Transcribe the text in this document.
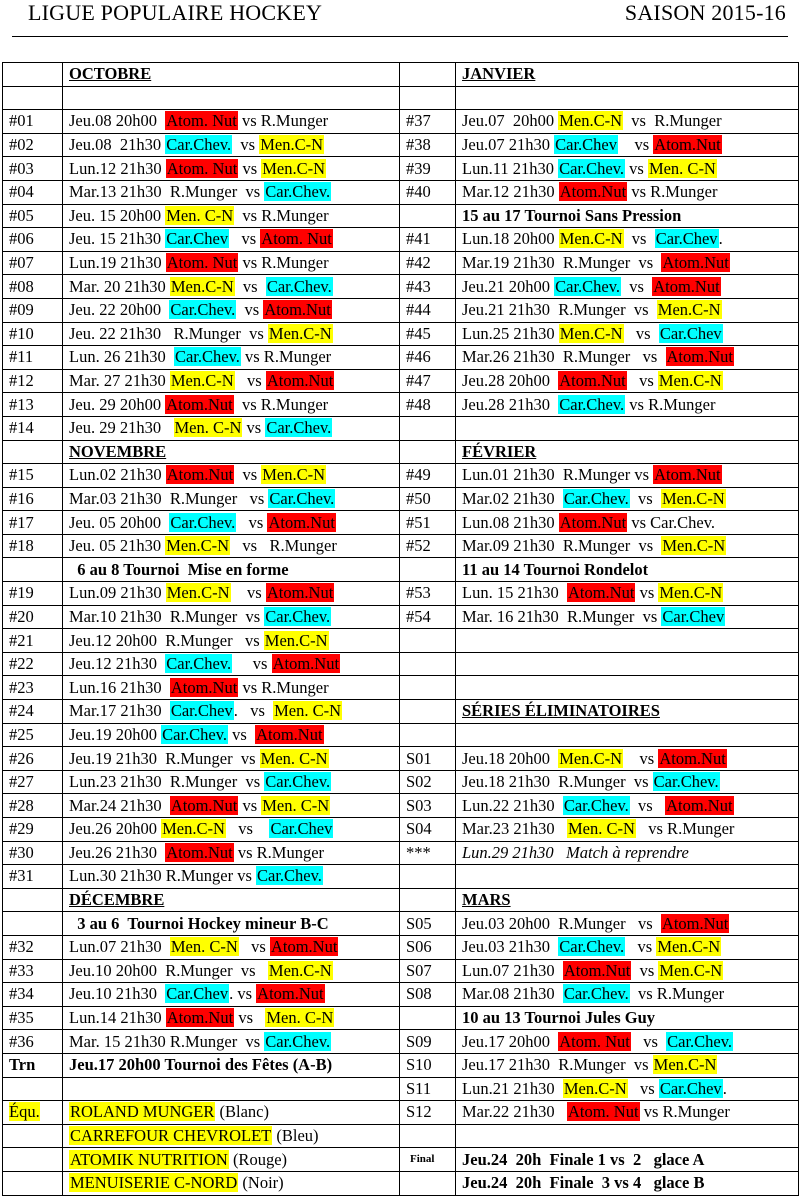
LIGUE POPULAIRE HOCKEY	SAISON 2015-16
	OCTOBRE		JANVIER

#01	Jeu.08 20h00  Atom. Nut vs R.Munger	#37	Jeu.07  20h00 Men.C-N  vs  R.Munger
#02	Jeu.08  21h30 Car.Chev.  vs Men.C-N	#38	Jeu.07 21h30 Car.Chev    vs Atom.Nut
#03	Lun.12 21h30 Atom. Nut vs Men.C-N	#39	Lun.11 21h30 Car.Chev. vs Men. C-N
#04	Mar.13 21h30  R.Munger  vs Car.Chev.	#40	Mar.12 21h30 Atom.Nut vs R.Munger
#05	Jeu. 15 20h00 Men. C-N  vs R.Munger		15 au 17 Tournoi Sans Pression
#06	Jeu. 15 21h30 Car.Chev   vs Atom. Nut	#41	Lun.18 20h00 Men.C-N  vs  Car.Chev.
#07	Lun.19 21h30 Atom. Nut vs R.Munger	#42	Mar.19 21h30  R.Munger  vs  Atom.Nut
#08	Mar. 20 21h30 Men.C-N  vs  Car.Chev.	#43	Jeu.21 20h00 Car.Chev.  vs  Atom.Nut
#09	Jeu. 22 20h00  Car.Chev.  vs Atom.Nut	#44	Jeu.21 21h30  R.Munger  vs  Men.C-N
#10	Jeu. 22 21h30   R.Munger  vs Men.C-N	#45	Lun.25 21h30 Men.C-N   vs  Car.Chev
#11	Lun. 26 21h30  Car.Chev. vs R.Munger	#46	Mar.26 21h30  R.Munger   vs  Atom.Nut
#12	Mar. 27 21h30 Men.C-N   vs Atom.Nut	#47	Jeu.28 20h00  Atom.Nut   vs Men.C-N
#13	Jeu. 29 20h00 Atom.Nut  vs R.Munger	#48	Jeu.28 21h30  Car.Chev. vs R.Munger
#14	Jeu. 29 21h30   Men. C-N vs Car.Chev.		
	NOVEMBRE		FÉVRIER
#15	Lun.02 21h30 Atom.Nut  vs Men.C-N	#49	Lun.01 21h30  R.Munger vs Atom.Nut
#16	Mar.03 21h30  R.Munger   vs Car.Chev.	#50	Mar.02 21h30  Car.Chev.  vs  Men.C-N
#17	Jeu. 05 20h00  Car.Chev.   vs Atom.Nut	#51	Lun.08 21h30 Atom.Nut vs Car.Chev.
#18	Jeu. 05 21h30 Men.C-N   vs   R.Munger	#52	Mar.09 21h30  R.Munger  vs  Men.C-N
	6 au 8 Tournoi  Mise en forme		11 au 14 Tournoi Rondelot
#19	Lun.09 21h30 Men.C-N    vs Atom.Nut	#53	Lun. 15 21h30  Atom.Nut vs Men.C-N
#20	Mar.10 21h30  R.Munger  vs Car.Chev.	#54	Mar. 16 21h30  R.Munger  vs Car.Chev
#21	Jeu.12 20h00  R.Munger   vs Men.C-N		
#22	Jeu.12 21h30  Car.Chev.     vs Atom.Nut		
#23	Lun.16 21h30  Atom.Nut vs R.Munger		
#24	Mar.17 21h30  Car.Chev.   vs  Men. C-N		SÉRIES ÉLIMINATOIRES
#25	Jeu.19 20h00 Car.Chev. vs  Atom.Nut		
#26	Jeu.19 21h30  R.Munger  vs Men. C-N	S01	Jeu.18 20h00  Men.C-N    vs Atom.Nut
#27	Lun.23 21h30  R.Munger  vs Car.Chev.	S02	Jeu.18 21h30  R.Munger  vs Car.Chev.
#28	Mar.24 21h30  Atom.Nut vs Men. C-N	S03	Lun.22 21h30  Car.Chev.  vs   Atom.Nut
#29	Jeu.26 20h00 Men.C-N   vs    Car.Chev	S04	Mar.23 21h30   Men. C-N   vs R.Munger
#30	Jeu.26 21h30  Atom.Nut vs R.Munger	***	Lun.29 21h30   Match à reprendre
#31	Lun.30 21h30 R.Munger vs Car.Chev.		
	DÉCEMBRE		MARS
	3 au 6  Tournoi Hockey mineur B-C	S05	Jeu.03 20h00  R.Munger   vs  Atom.Nut
#32	Lun.07 21h30  Men. C-N   vs Atom.Nut	S06	Jeu.03 21h30  Car.Chev.   vs Men.C-N
#33	Jeu.10 20h00  R.Munger  vs   Men.C-N	S07	Lun.07 21h30  Atom.Nut  vs Men.C-N
#34	Jeu.10 21h30  Car.Chev. vs Atom.Nut	S08	Mar.08 21h30  Car.Chev.  vs R.Munger
#35	Lun.14 21h30 Atom.Nut vs   Men. C-N		10 au 13 Tournoi Jules Guy
#36	Mar. 15 21h30 R.Munger  vs Car.Chev.	S09	Jeu.17 20h00  Atom. Nut   vs  Car.Chev.
Trn	Jeu.17 20h00 Tournoi des Fêtes (A-B)	S10	Jeu.17 21h30  R.Munger  vs Men.C-N
		S11	Lun.21 21h30  Men.C-N   vs Car.Chev.
Équ.	ROLAND MUNGER (Blanc)	S12	Mar.22 21h30   Atom. Nut vs R.Munger
	CARREFOUR CHEVROLET (Bleu)		
	ATOMIK NUTRITION (Rouge)	Final	Jeu.24  20h  Finale 1 vs  2   glace A
	MENUISERIE C-NORD (Noir)		Jeu.24  20h  Finale  3 vs 4   glace B
